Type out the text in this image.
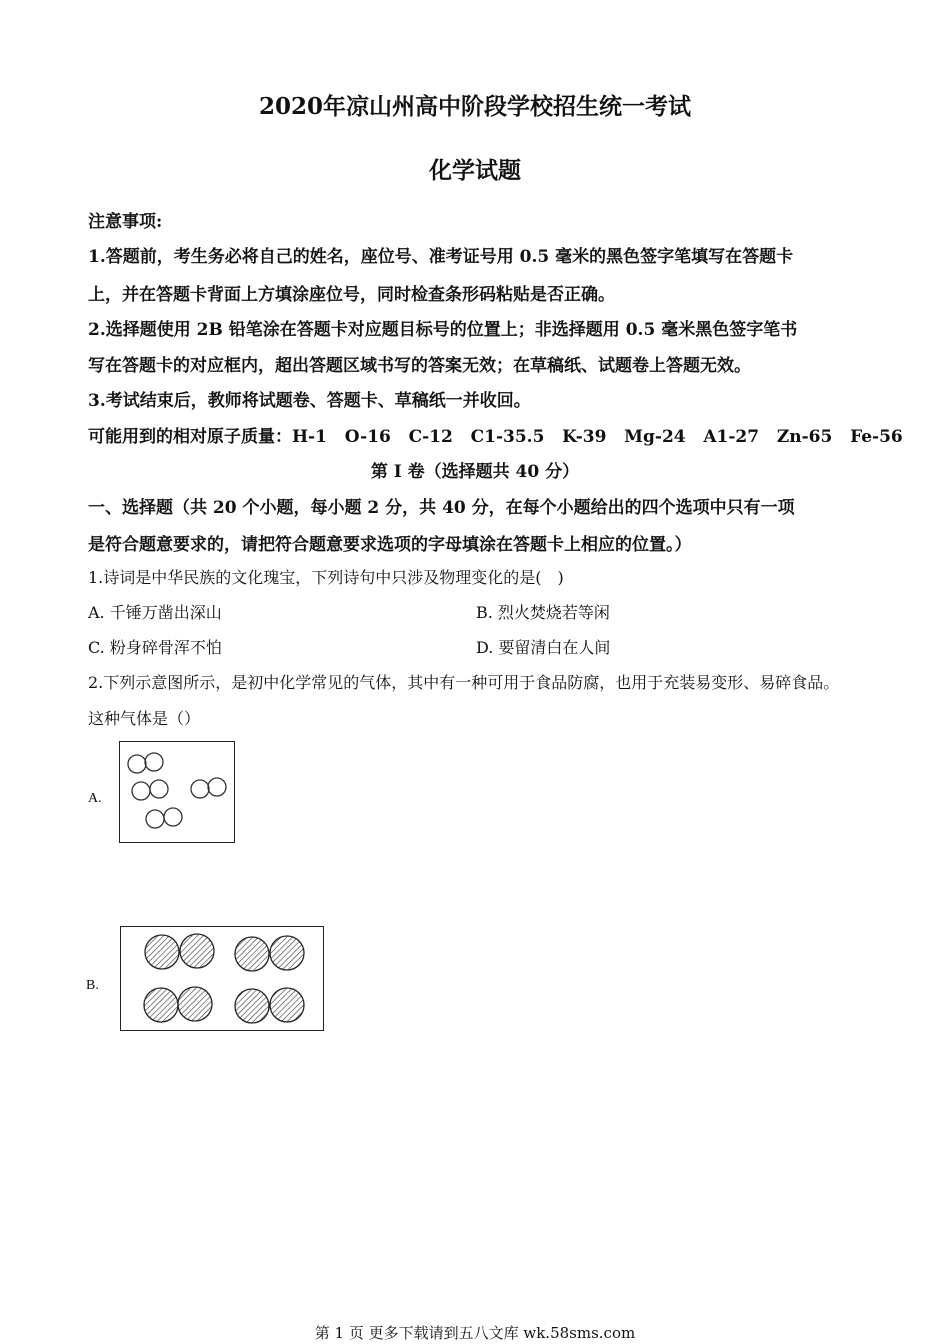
2020年凉山州高中阶段学校招生统一考试
化学试题
注意事项:
1.答题前，考生务必将自己的姓名，座位号、准考证号用 0.5 毫米的黑色签字笔填写在答题卡
上，并在答题卡背面上方填涂座位号，同时检查条形码粘贴是否正确。
2.选择题使用 2B 铅笔涂在答题卡对应题目标号的位置上；非选择题用 0.5 毫米黑色签字笔书
写在答题卡的对应框内，超出答题区域书写的答案无效；在草稿纸、试题卷上答题无效。
3.考试结束后，教师将试题卷、答题卡、草稿纸一并收回。
可能用到的相对原子质量：H-1   O-16   C-12   C1-35.5   K-39   Mg-24   A1-27   Zn-65   Fe-56
第 I 卷（选择题共 40 分）
一、选择题（共 20 个小题，每小题 2 分，共 40 分，在每个小题给出的四个选项中只有一项
是符合题意要求的，请把符合题意要求选项的字母填涂在答题卡上相应的位置。）
1.诗词是中华民族的文化瑰宝，下列诗句中只涉及物理变化的是(　)
A. 千锤万凿出深山	B. 烈火焚烧若等闲
C. 粉身碎骨浑不怕	D. 要留清白在人间
2.下列示意图所示，是初中化学常见的气体，其中有一种可用于食品防腐，也用于充装易变形、易碎食品。
这种气体是（）
A.
B.
第 1 页 更多下载请到五八文库 wk.58sms.com
